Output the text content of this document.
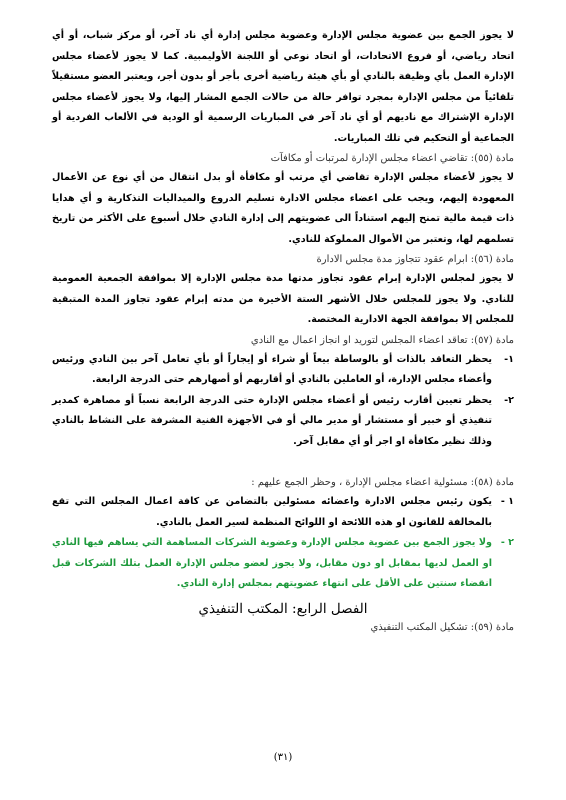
لا يجوز الجمع بين عضوية مجلس الإدارة وعضوية مجلس إدارة أي ناد آخر، أو مركز شباب، أو أي اتحاد رياضي، أو فروع الاتحادات، أو اتحاد نوعي أو اللجنة الأوليمبية. كما لا يجوز لأعضاء مجلس الإدارة العمل بأي وظيفة بالنادي أو بأي هيئة رياضية أخرى بأجر أو بدون أجر، ويعتبر العضو مستقيلاً تلقائياً من مجلس الإدارة بمجرد توافر حالة من حالات الجمع المشار إليها، ولا يجوز لأعضاء مجلس الإدارة الإشتراك مع ناديهم أو أي ناد آخر في المباريات الرسمية أو الودية في الألعاب الفردية أو الجماعية أو التحكيم في تلك المباريات.

مادة (٥٥): تقاضي اعضاء مجلس الإدارة لمرتبات أو مكافآت

لا يجوز لأعضاء مجلس الإدارة تقاضي أي مرتب أو مكافأة أو بدل انتقال من أي نوع عن الأعمال المعهودة إليهم، ويجب على اعضاء مجلس الادارة تسليم الدروع والميداليات التذكارية و أي هدايا ذات قيمة مالية تمنح إليهم استناداً الى عضويتهم إلى إدارة النادي خلال أسبوع على الأكثر من تاريخ تسلمهم لها، وتعتبر من الأموال المملوكة للنادي.

مادة (٥٦): ابرام عقود تتجاوز مدة مجلس الادارة

لا يجوز لمجلس الإدارة إبرام عقود تجاوز مدتها مدة مجلس الإدارة إلا بموافقة الجمعية العمومية للنادي. ولا يجوز للمجلس خلال الأشهر الستة الأخيرة من مدته إبرام عقود تجاوز المدة المتبقية للمجلس إلا بموافقة الجهة الادارية المختصة.

مادة (٥٧): تعاقد اعضاء المجلس لتوريد او انجاز اعمال مع النادي
١-
يحظر التعاقد بالذات أو بالوساطة بيعاً أو شراء أو إيجاراً أو بأي تعامل آخر بين النادي ورئيس وأعضاء مجلس الإدارة، أو العاملين بالنادي أو أقاربهم أو أصهارهم حتى الدرجة الرابعة.
٢-
يحظر تعيين أقارب رئيس أو أعضاء مجلس الإدارة حتى الدرجة الرابعة نسباً أو مصاهرة كمدير تنفيذي أو خبير أو مستشار أو مدير مالي أو في الأجهزة الفنية المشرفة على النشاط بالنادي وذلك نظير مكافأة او اجر أو أي مقابل آخر.
مادة (٥٨): مسئولية اعضاء مجلس الإدارة ، وحظر الجمع عليهم :
١ -
يكون رئيس مجلس الادارة واعضائه مسئولين بالتضامن عن كافة اعمال المجلس التي تقع بالمخالفة للقانون او هذه اللائحة او اللوائح المنظمة لسير العمل بالنادي.
٢ -
ولا يجوز الجمع بين عضوية مجلس الإدارة وعضوية الشركات المساهمة التي يساهم فيها النادي او العمل لديها بمقابل او دون مقابل، ولا يجوز لعضو مجلس الإدارة العمل بتلك الشركات قبل انقضاء سنتين على الأقل على انتهاء عضويتهم بمجلس إدارة النادي.
الفصل الرابع: المكتب التنفيذي
مادة (٥٩): تشكيل المكتب التنفيذي
(٣١)
